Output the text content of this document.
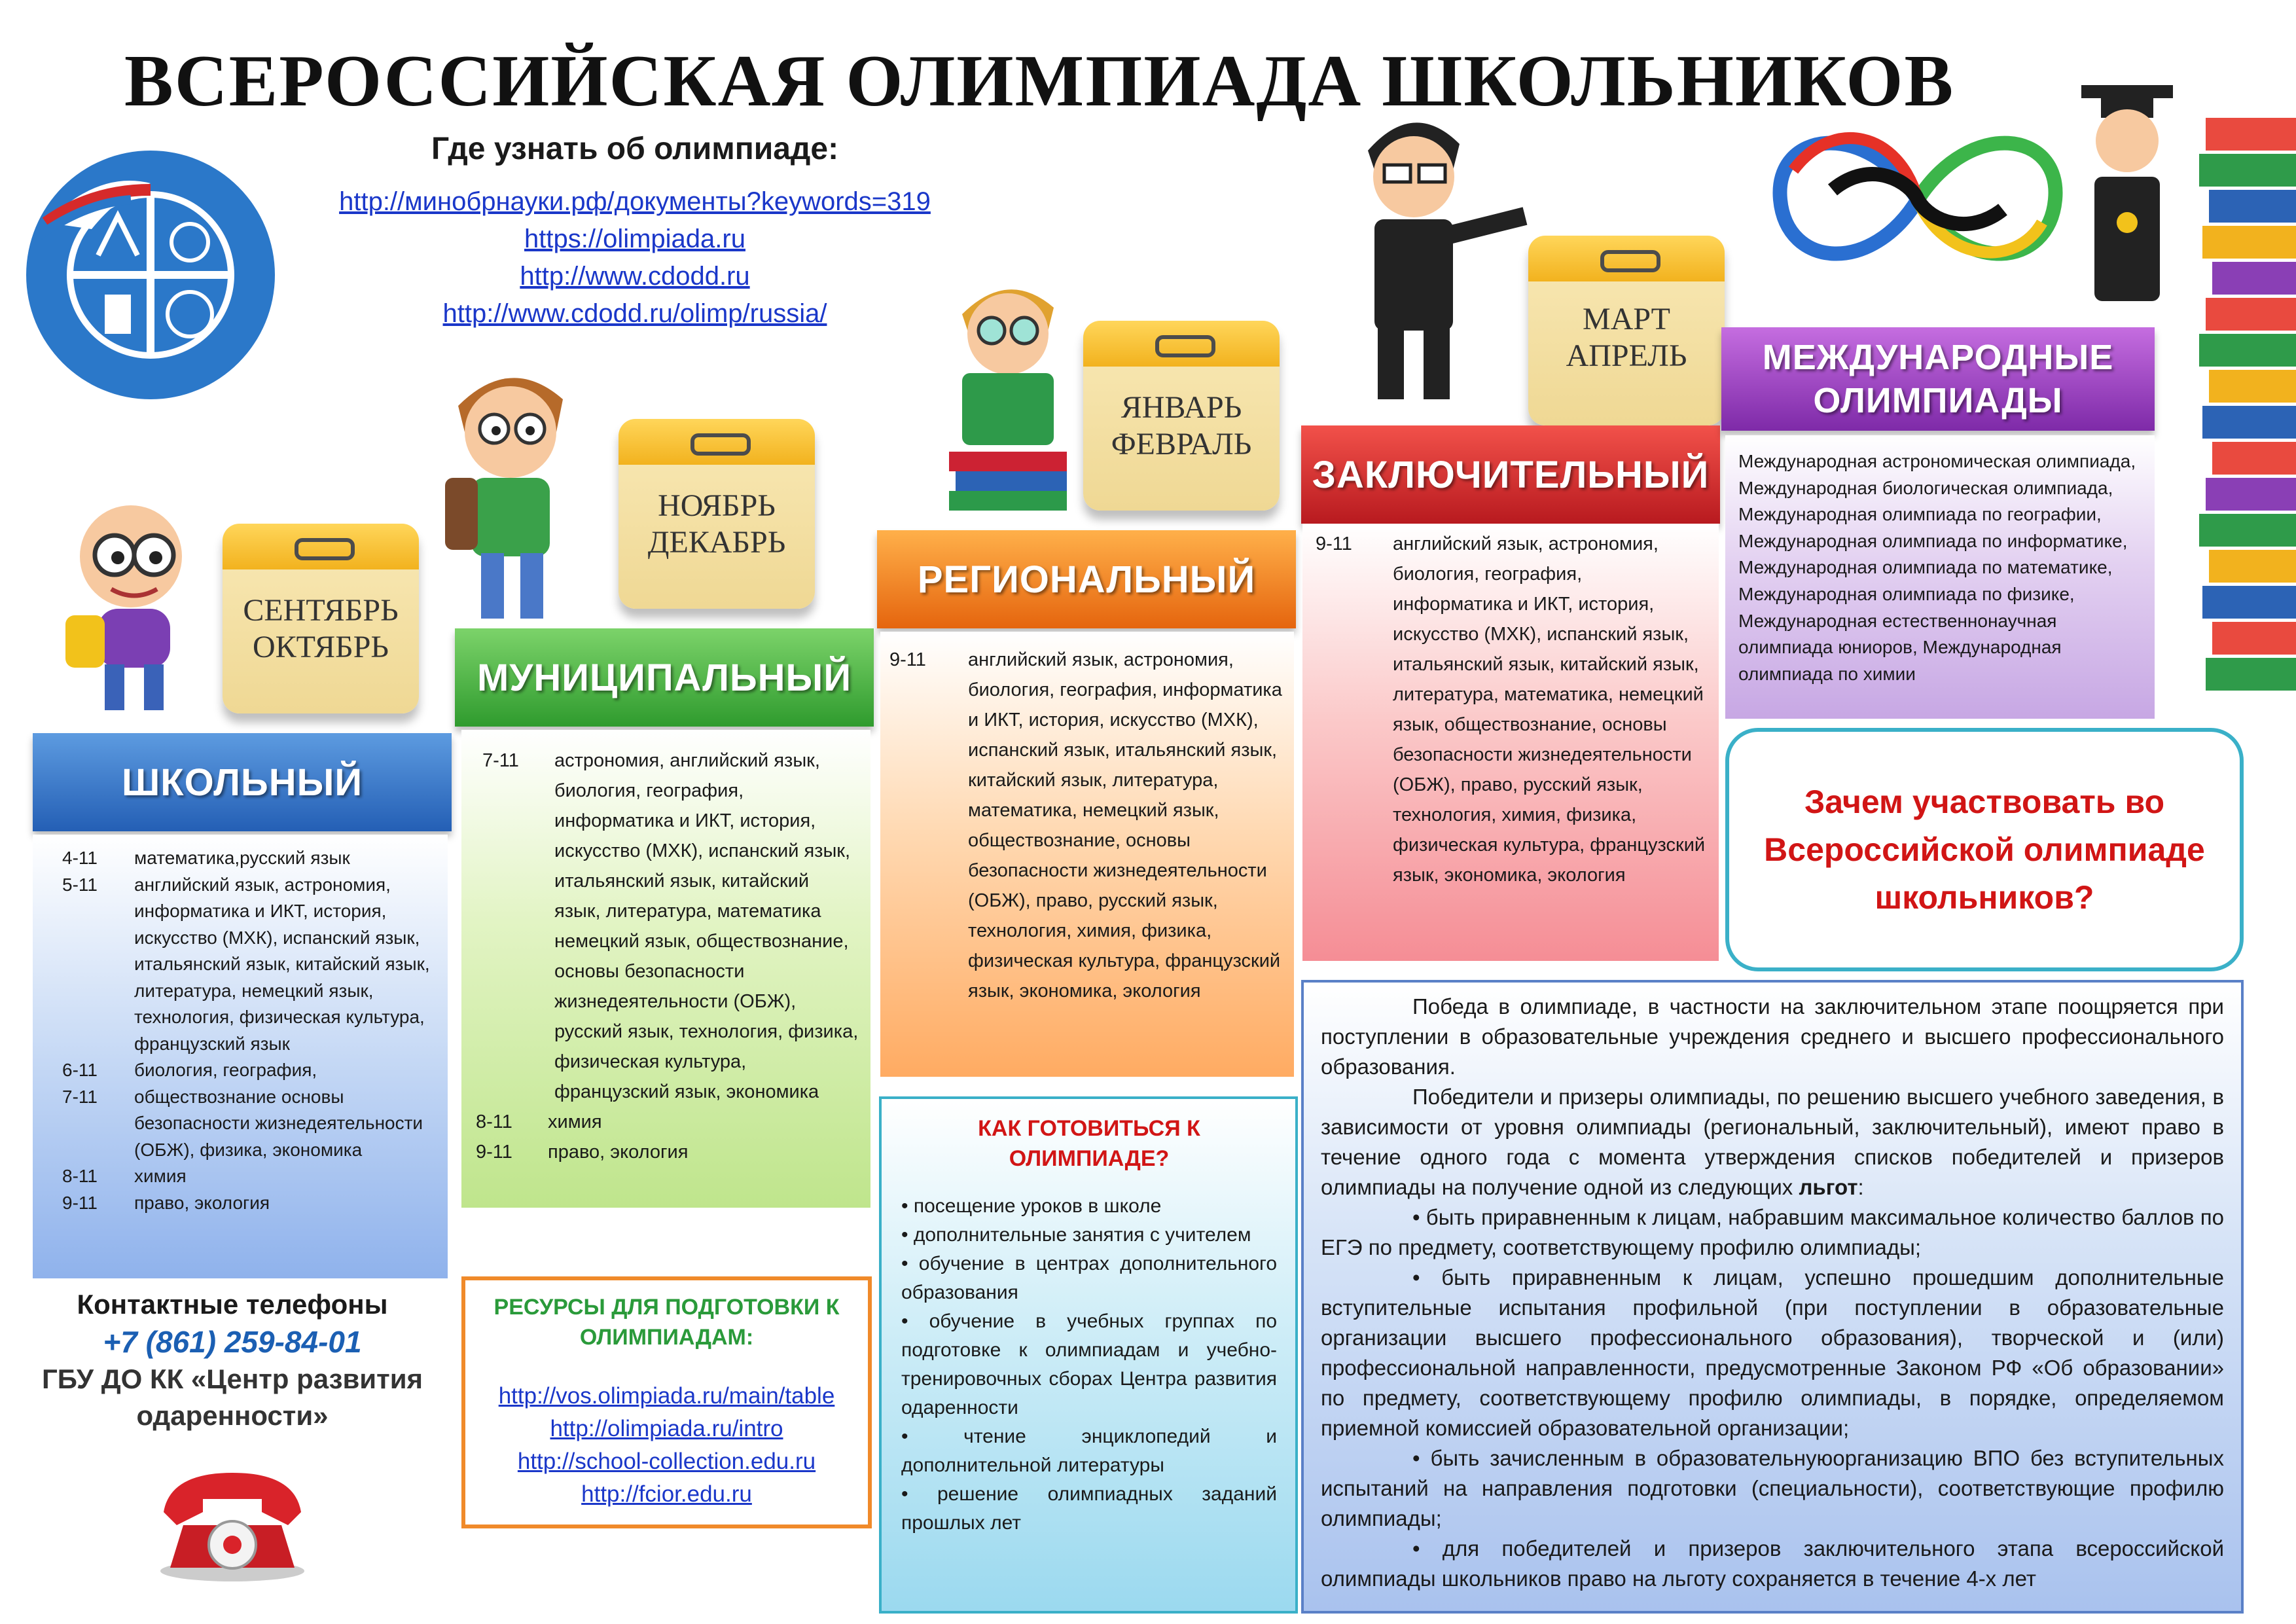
ВСЕРОССИЙСКАЯ ОЛИМПИАДА ШКОЛЬНИКОВ
Где узнать об олимпиаде:
http://минобрнауки.рф/документы?keywords=319
https://olimpiada.ru
http://www.cdodd.ru
http://www.cdodd.ru/olimp/russia/
СЕНТЯБРЬ
ОКТЯБРЬ
НОЯБРЬ
ДЕКАБРЬ
ЯНВАРЬ
ФЕВРАЛЬ
МАРТ
АПРЕЛЬ
ШКОЛЬНЫЙ
4-11	математика,русский язык
5-11	английский язык, астрономия, информатика и ИКТ, история, искусство (МХК), испанский язык, итальянский язык, китайский язык, литература, немецкий язык, технология, физическая культура, французский язык
6-11	биология, география,
7-11	обществознание основы безопасности жизнедеятельности (ОБЖ), физика, экономика
8-11	химия
9-11	право, экология
МУНИЦИПАЛЬНЫЙ
7-11	астрономия, английский язык, биология, география, информатика и ИКТ, история, искусство (МХК), испанский язык, итальянский язык, китайский язык, литература, математика немецкий язык, обществознание, основы безопасности жизнедеятельности (ОБЖ), русский язык, технология, физика, физическая культура, французский язык, экономика
8-11	химия
9-11	право, экология
РЕГИОНАЛЬНЫЙ
9-11	английский язык, астрономия, биология, география, информатика и ИКТ, история, искусство (МХК), испанский язык, итальянский язык, китайский язык, литература, математика, немецкий язык, обществознание, основы безопасности жизнедеятельности (ОБЖ), право, русский язык, технология, химия, физика, физическая культура, французский язык, экономика, экология
ЗАКЛЮЧИТЕЛЬНЫЙ
9-11	английский язык, астрономия, биология, география, информатика и ИКТ, история, искусство (МХК), испанский язык, итальянский язык, китайский язык, литература, математика, немецкий язык, обществознание, основы безопасности жизнедеятельности (ОБЖ), право, русский язык, технология, химия, физика, физическая культура, французский язык, экономика, экология
МЕЖДУНАРОДНЫЕ ОЛИМПИАДЫ
Международная астрономическая олимпиада, Международная биологическая олимпиада, Международная олимпиада по географии, Международная олимпиада по информатике, Международная олимпиада по математике, Международная олимпиада по физике, Международная естественнонаучная олимпиада юниоров, Международная олимпиада по химии
Контактные телефоны
+7 (861) 259-84-01
ГБУ ДО КК «Центр развития одаренности»
РЕСУРСЫ ДЛЯ ПОДГОТОВКИ К ОЛИМПИАДАМ:
http://vos.olimpiada.ru/main/table
http://olimpiada.ru/intro
http://school-collection.edu.ru
http://fcior.edu.ru
КАК ГОТОВИТЬСЯ К ОЛИМПИАДЕ?
• посещение уроков в школе
• дополнительные занятия с учителем
• обучение в центрах дополнительного образования
• обучение в учебных группах по подготовке к олимпиадам и учебно-тренировочных сборах Центра развития одаренности
• чтение энциклопедий и дополнительной литературы
• решение олимпиадных заданий прошлых лет
Зачем участвовать во Всероссийской олимпиаде школьников?

Победа в олимпиаде, в частности на заключительном этапе поощряется при поступлении в образовательные учреждения среднего и высшего профессионального образования.

Победители и призеры олимпиады, по решению высшего учебного заведения, в зависимости от уровня олимпиады (региональный, заключительный), имеют право в течение одного года с момента утверждения списков победителей и призеров олимпиады на получение одной из следующих льгот:

• быть приравненным к лицам, набравшим максимальное количество баллов по ЕГЭ по предмету, соответствующему профилю олимпиады;

• быть приравненным к лицам, успешно прошедшим дополнительные вступительные испытания профильной (при поступлении в образовательные организации высшего профессионального образования), творческой и (или) профессиональной направленности, предусмотренные Законом РФ «Об образовании» по предмету, соответствующему профилю олимпиады, в порядке, определяемом приемной комиссией образовательной организации;

• быть зачисленным в образовательнуюорганизацию ВПО без вступительных испытаний на направления подготовки (специальности), соответствующие профилю олимпиады;

• для победителей и призеров заключительного этапа всероссийской олимпиады школьников право на льготу сохраняется в течение 4-х лет
